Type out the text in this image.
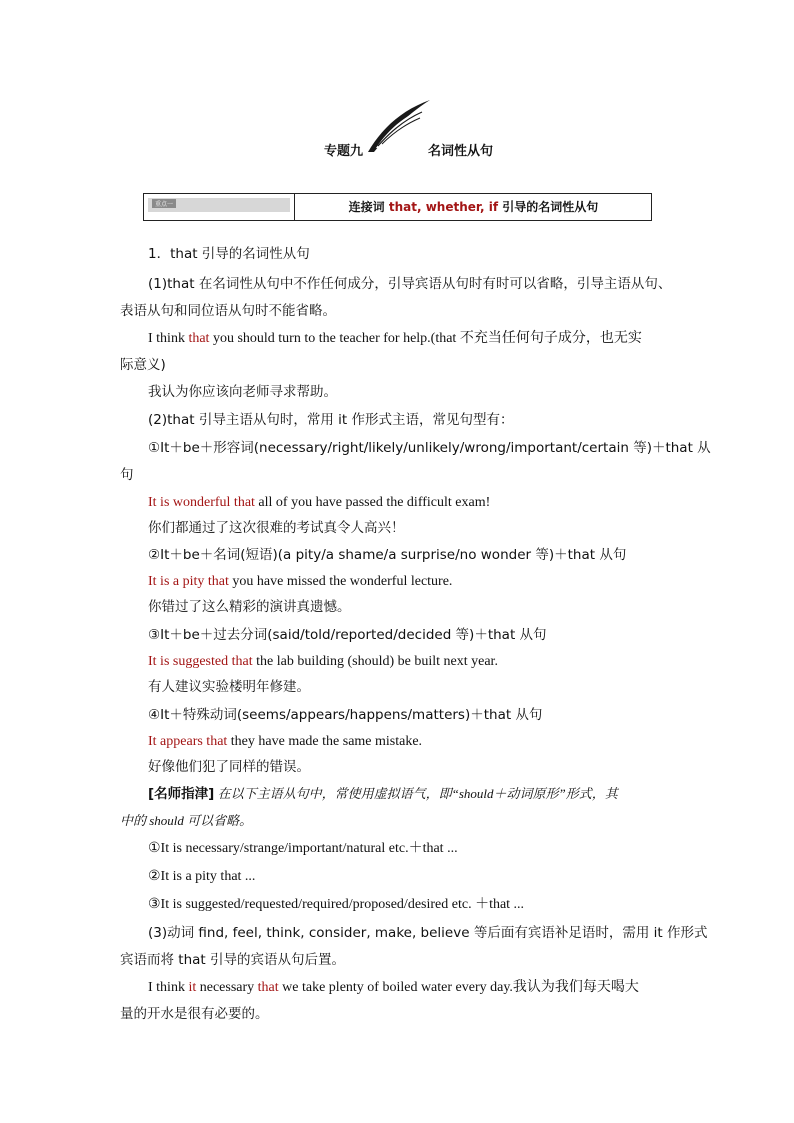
专题九	名词性从句
重点一	连接词 that, whether, if 引导的名词性从句
1．that 引导的名词性从句
(1)that 在名词性从句中不作任何成分，引导宾语从句时有时可以省略，引导主语从句、
表语从句和同位语从句时不能省略。
I think that you should turn to the teacher for help.(that 不充当任何句子成分，也无实
际意义)
我认为你应该向老师寻求帮助。
(2)that 引导主语从句时，常用 it 作形式主语，常见句型有：
①It＋be＋形容词(necessary/right/likely/unlikely/wrong/important/certain 等)＋that 从
句
It is wonderful that all of you have passed the difficult exam!
你们都通过了这次很难的考试真令人高兴！
②It＋be＋名词(短语)(a pity/a shame/a surprise/no wonder 等)＋that 从句
It is a pity that you have missed the wonderful lecture.
你错过了这么精彩的演讲真遗憾。
③It＋be＋过去分词(said/told/reported/decided 等)＋that 从句
It is suggested that the lab building (should) be built next year.
有人建议实验楼明年修建。
④It＋特殊动词(seems/appears/happens/matters)＋that 从句
It appears that they have made the same mistake.
好像他们犯了同样的错误。
[名师指津] 在以下主语从句中，常使用虚拟语气，即“should＋动词原形”形式，其
中的 should 可以省略。
①It is necessary/strange/important/natural etc.＋that ...
②It is a pity that ...
③It is suggested/requested/required/proposed/desired etc. ＋that ...
(3)动词 find, feel, think, consider, make, believe 等后面有宾语补足语时，需用 it 作形式
宾语而将 that 引导的宾语从句后置。
I think it necessary that we take plenty of boiled water every day.我认为我们每天喝大
量的开水是很有必要的。
